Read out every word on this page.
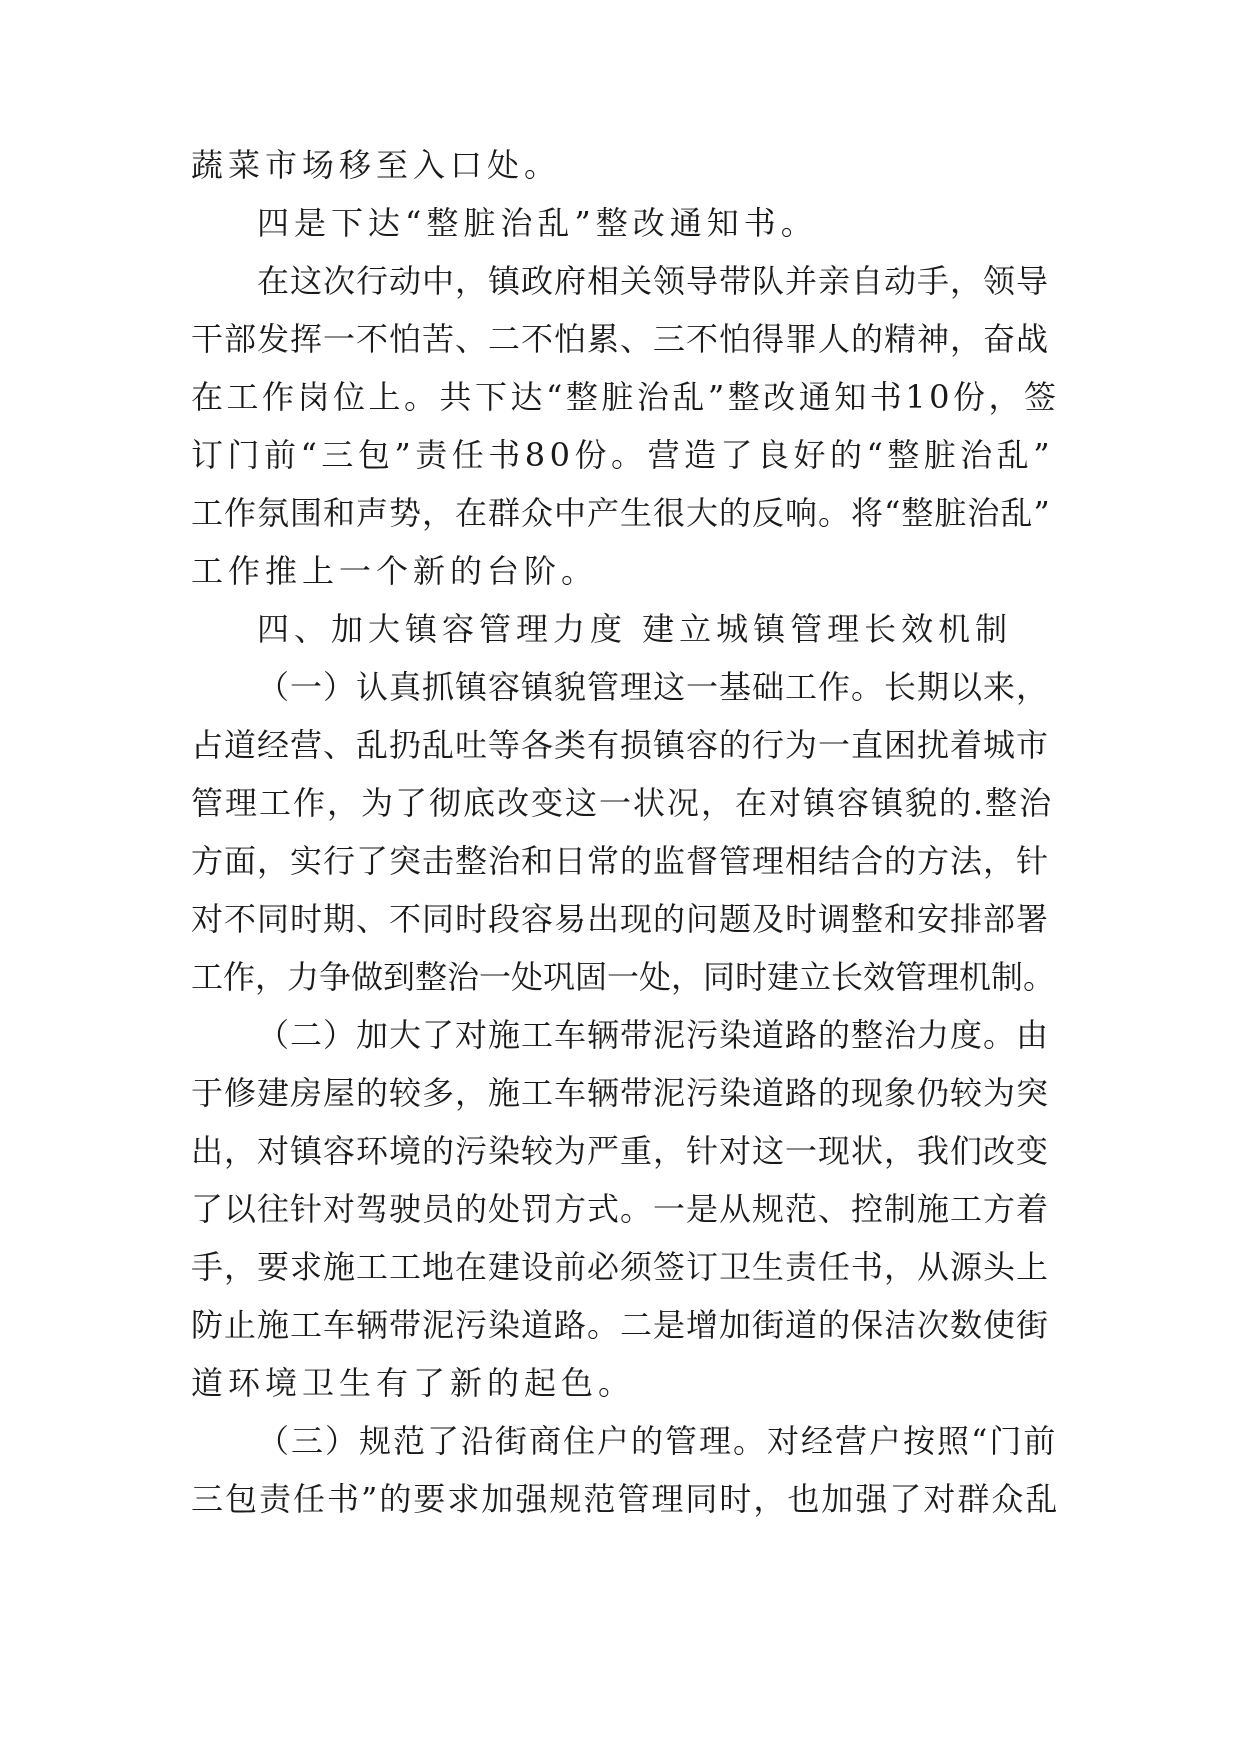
蔬菜市场移至入口处。
四是下达“整脏治乱”整改通知书。
在这次行动中，镇政府相关领导带队并亲自动手，领导
干部发挥一不怕苦、二不怕累、三不怕得罪人的精神，奋战
在工作岗位上。共下达“整脏治乱”整改通知书10份，签
订门前“三包”责任书80份。营造了良好的“整脏治乱”
工作氛围和声势，在群众中产生很大的反响。将“整脏治乱”
工作推上一个新的台阶。
四、加大镇容管理力度 建立城镇管理长效机制
（一）认真抓镇容镇貌管理这一基础工作。长期以来，
占道经营、乱扔乱吐等各类有损镇容的行为一直困扰着城市
管理工作，为了彻底改变这一状况，在对镇容镇貌的.整治
方面，实行了突击整治和日常的监督管理相结合的方法，针
对不同时期、不同时段容易出现的问题及时调整和安排部署
工作，力争做到整治一处巩固一处，同时建立长效管理机制。
（二）加大了对施工车辆带泥污染道路的整治力度。由
于修建房屋的较多，施工车辆带泥污染道路的现象仍较为突
出，对镇容环境的污染较为严重，针对这一现状，我们改变
了以往针对驾驶员的处罚方式。一是从规范、控制施工方着
手，要求施工工地在建设前必须签订卫生责任书，从源头上
防止施工车辆带泥污染道路。二是增加街道的保洁次数使街
道环境卫生有了新的起色。
（三）规范了沿街商住户的管理。对经营户按照“门前
三包责任书”的要求加强规范管理同时，也加强了对群众乱
